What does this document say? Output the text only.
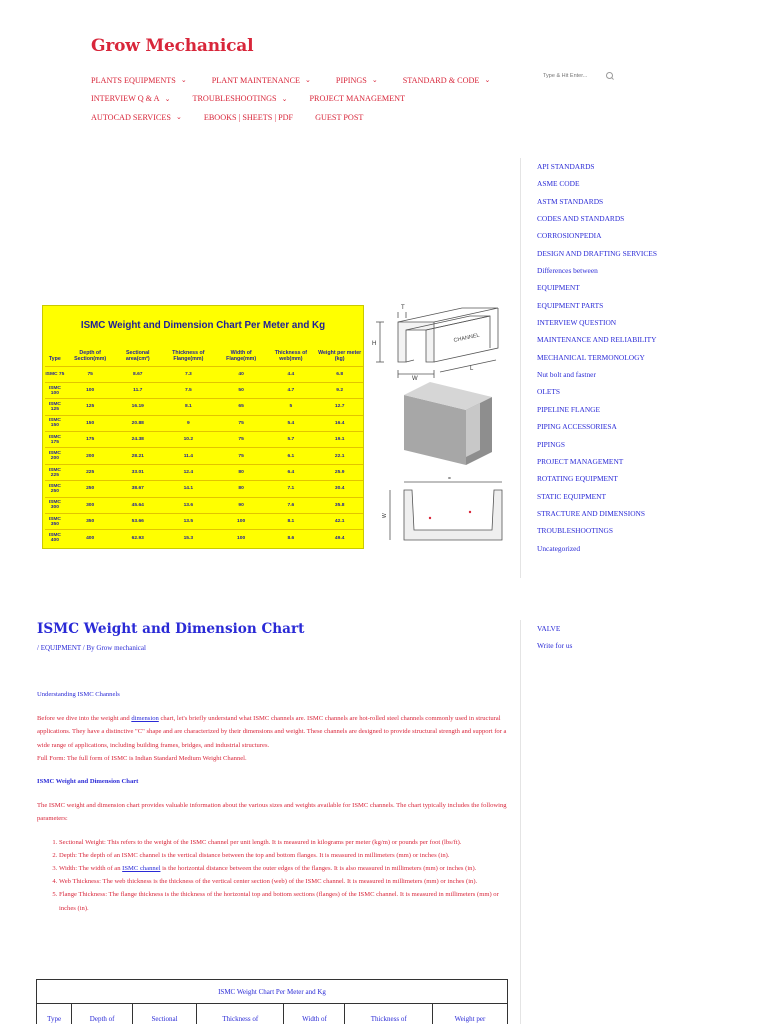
Grow Mechanical
PLANTS EQUIPMENTS ⌄	PLANT MAINTENANCE ⌄	PIPINGS ⌄	STANDARD & CODE ⌄
INTERVIEW Q & A ⌄	TROUBLESHOOTINGS ⌄	PROJECT MANAGEMENT
AUTOCAD SERVICES ⌄	EBOOKS | SHEETS | PDF	GUEST POST
Type & Hit Enter...
API STANDARDS
ASME CODE
ASTM STANDARDS
CODES AND STANDARDS
CORROSIONPEDIA
DESIGN AND DRAFTING SERVICES
Differences between
EQUIPMENT
EQUIPMENT PARTS
INTERVIEW QUESTION
MAINTENANCE AND RELIABILITY
MECHANICAL TERMONOLOGY
Nut bolt and fastner
OLETS
PIPELINE FLANGE
PIPING ACCESSORIESA
PIPINGS
PROJECT MANAGEMENT
ROTATING EQUIPMENT
STATIC EQUIPMENT
STRACTURE AND DIMENSIONS
TROUBLESHOOTINGS
Uncategorized
VALVE
Write for us
ISMC Weight and Dimension Chart Per Meter and Kg
Type	Depth of Section(mm)	Sectional area(cm²)	Thickness of Flange(mm)	Width of Flange(mm)	Thickness of web(mm)	Weight per meter (kg)
ISMC 75	75	8.67	7.3	40	4.4	6.8
ISMC 100	100	11.7	7.5	50	4.7	9.2
ISMC 125	125	16.19	8.1	65	5	12.7
ISMC 150	150	20.88	9	75	5.4	16.4
ISMC 175	175	24.38	10.2	75	5.7	19.1
ISMC 200	200	28.21	11.4	75	6.1	22.1
ISMC 225	225	33.01	12.4	80	6.4	25.9
ISMC 250	250	38.67	14.1	80	7.1	30.4
ISMC 300	300	45.64	13.6	90	7.6	35.8
ISMC 350	350	53.66	13.5	100	8.1	42.1
ISMC 400	400	62.93	15.3	100	8.6	49.4
T
H
W
L
CHANNEL
=
W
ISMC Weight and Dimension Chart
/ EQUIPMENT / By Grow mechanical
Understanding ISMC Channels

Before we dive into the weight and dimension chart, let's briefly understand what ISMC channels are. ISMC channels are hot-rolled steel channels commonly used in structural applications. They have a distinctive "C" shape and are characterized by their dimensions and weight. These channels are designed to provide structural strength and support for a wide range of applications, including building frames, bridges, and industrial structures.

Full Form: The full form of ISMC is Indian Standard Medium Weight Channel.

ISMC Weight and Dimension Chart

The ISMC weight and dimension chart provides valuable information about the various sizes and weights available for ISMC channels. The chart typically includes the following parameters:

1. Sectional Weight: This refers to the weight of the ISMC channel per unit length. It is measured in kilograms per meter (kg/m) or pounds per foot (lbs/ft).
2. Depth: The depth of an ISMC channel is the vertical distance between the top and bottom flanges. It is measured in millimeters (mm) or inches (in).
3. Width: The width of an ISMC channel is the horizontal distance between the outer edges of the flanges. It is also measured in millimeters (mm) or inches (in).
4. Web Thickness: The web thickness is the thickness of the vertical center section (web) of the ISMC channel. It is measured in millimeters (mm) or inches (in).
5. Flange Thickness: The flange thickness is the thickness of the horizontal top and bottom sections (flanges) of the ISMC channel. It is measured in millimeters (mm) or inches (in).
ISMC Weight Chart Per Meter and Kg
Type	Depth of	Sectional	Thickness of	Width of	Thickness of	Weight per
